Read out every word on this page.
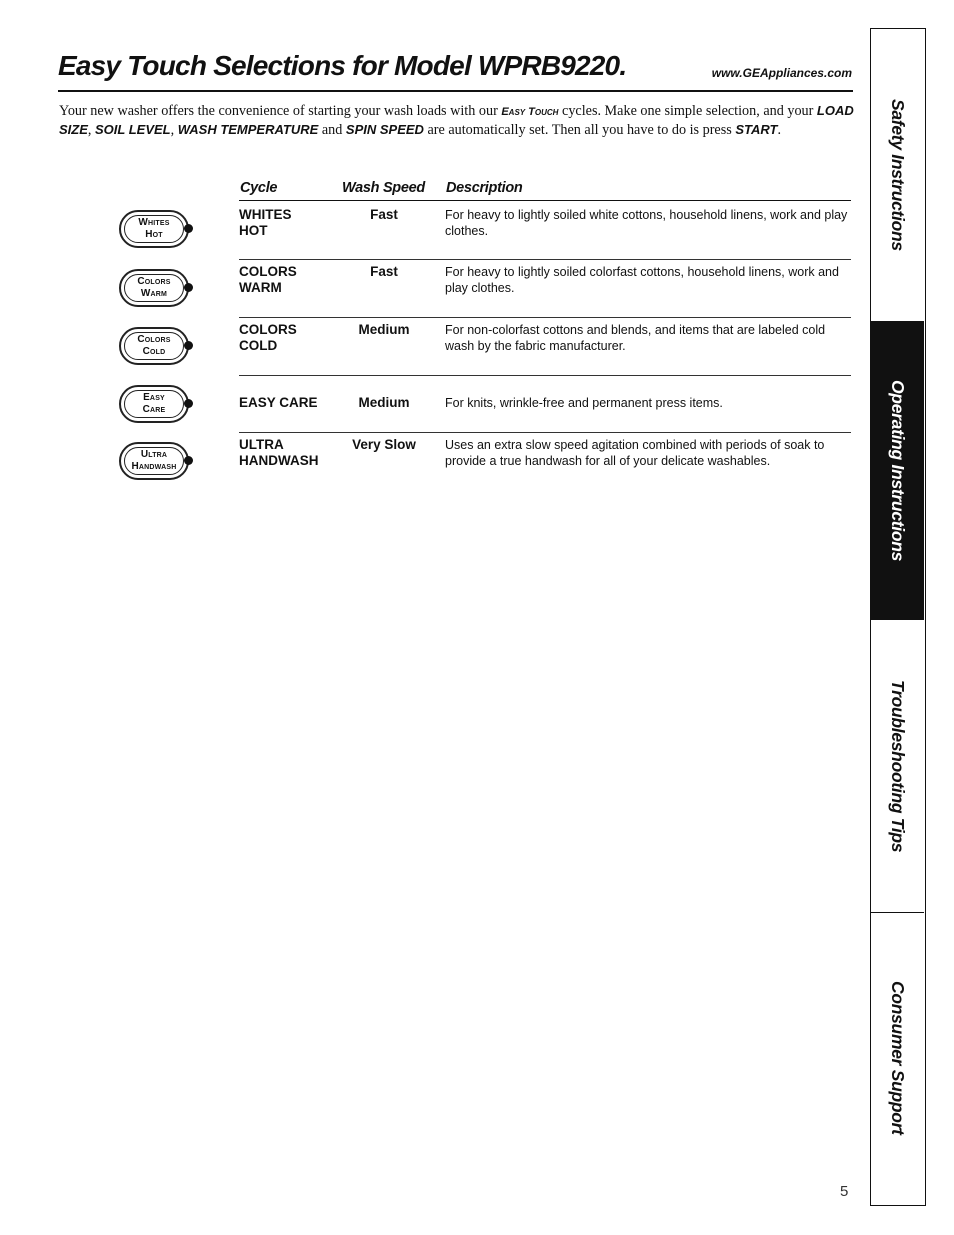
Easy Touch Selections for Model WPRB9220.	www.GEAppliances.com
Your new washer offers the convenience of starting your wash loads with our Easy Touch cycles. Make one simple selection, and your LOAD SIZE, SOIL LEVEL, WASH TEMPERATURE and SPIN SPEED are automatically set. Then all you have to do is press START.
Cycle	Wash Speed Description
WHITES
HOT
Fast	For heavy to lightly soiled white cottons, household linens, work and play clothes.
COLORS
WARM
Fast	For heavy to lightly soiled colorfast cottons, household linens, work and play clothes.
COLORS
COLD
Medium	For non-colorfast cottons and blends, and items that are labeled cold wash by the fabric manufacturer.
EASY CARE	Medium	For knits, wrinkle-free and permanent press items.
ULTRA
HANDWASH
Very Slow	Uses an extra slow speed agitation combined with periods of soak to provide a true handwash for all of your delicate washables.
Whites
Hot
Colors
Warm
Colors
Cold
Easy
Care
Ultra
Handwash
Safety Instructions
Operating Instructions
Troubleshooting Tips
Consumer Support
5
